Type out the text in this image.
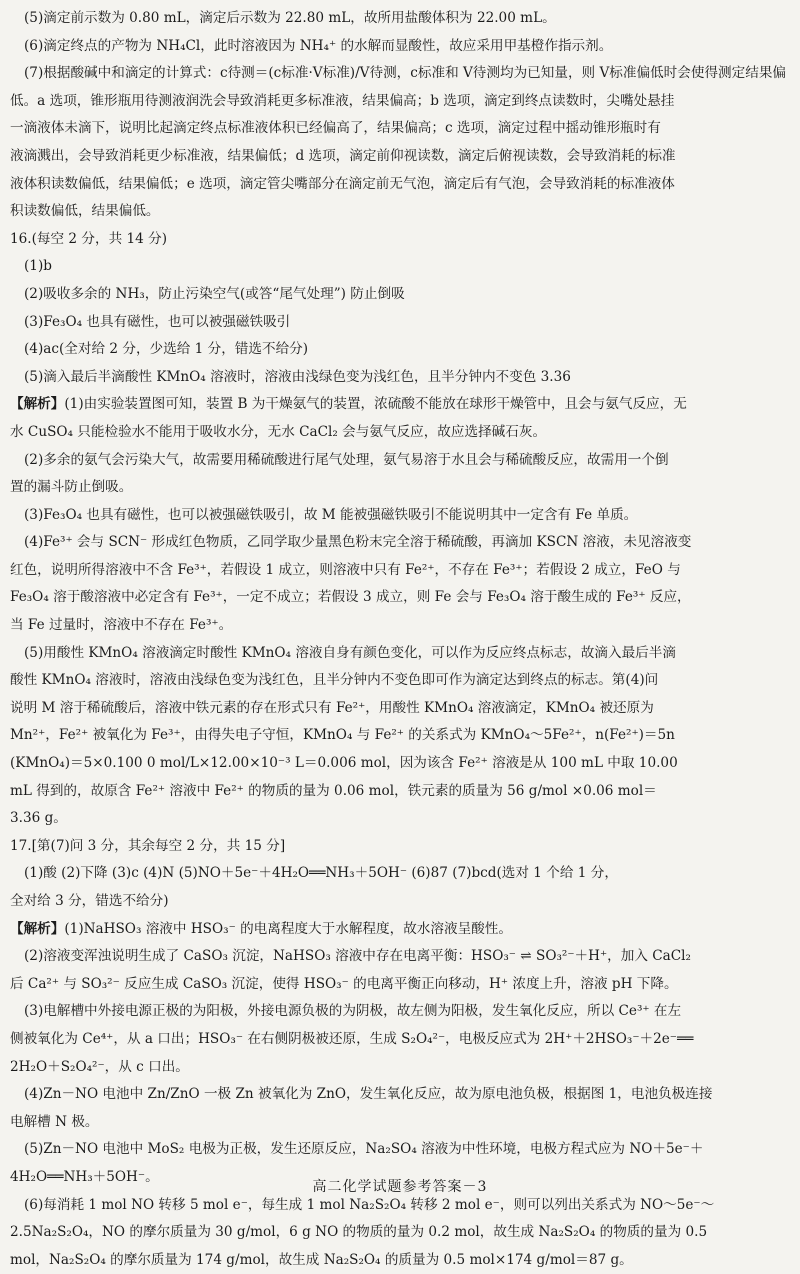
(5)滴定前示数为 0.80 mL，滴定后示数为 22.80 mL，故所用盐酸体积为 22.00 mL。
(6)滴定终点的产物为 NH₄Cl，此时溶液因为 NH₄⁺ 的水解而显酸性，故应采用甲基橙作指示剂。
(7)根据酸碱中和滴定的计算式：c待测＝(c标准·V标准)/V待测，c标准和 V待测均为已知量，则 V标准偏低时会使得测定结果偏
低。a 选项，锥形瓶用待测液润洗会导致消耗更多标准液，结果偏高；b 选项，滴定到终点读数时，尖嘴处悬挂
一滴液体未滴下，说明比起滴定终点标准液体积已经偏高了，结果偏高；c 选项，滴定过程中摇动锥形瓶时有
液滴溅出，会导致消耗更少标准液，结果偏低；d 选项，滴定前仰视读数，滴定后俯视读数，会导致消耗的标准
液体积读数偏低，结果偏低；e 选项，滴定管尖嘴部分在滴定前无气泡，滴定后有气泡，会导致消耗的标准液体
积读数偏低，结果偏低。
16.(每空 2 分，共 14 分)
(1)b
(2)吸收多余的 NH₃，防止污染空气(或答“尾气处理”) 防止倒吸
(3)Fe₃O₄ 也具有磁性，也可以被强磁铁吸引
(4)ac(全对给 2 分，少选给 1 分，错选不给分)
(5)滴入最后半滴酸性 KMnO₄ 溶液时，溶液由浅绿色变为浅红色，且半分钟内不变色 3.36
【解析】(1)由实验装置图可知，装置 B 为干燥氨气的装置，浓硫酸不能放在球形干燥管中，且会与氨气反应，无
水 CuSO₄ 只能检验水不能用于吸收水分，无水 CaCl₂ 会与氨气反应，故应选择碱石灰。
(2)多余的氨气会污染大气，故需要用稀硫酸进行尾气处理，氨气易溶于水且会与稀硫酸反应，故需用一个倒
置的漏斗防止倒吸。
(3)Fe₃O₄ 也具有磁性，也可以被强磁铁吸引，故 M 能被强磁铁吸引不能说明其中一定含有 Fe 单质。
(4)Fe³⁺ 会与 SCN⁻ 形成红色物质，乙同学取少量黑色粉末完全溶于稀硫酸，再滴加 KSCN 溶液，未见溶液变
红色，说明所得溶液中不含 Fe³⁺，若假设 1 成立，则溶液中只有 Fe²⁺，不存在 Fe³⁺；若假设 2 成立，FeO 与
Fe₃O₄ 溶于酸溶液中必定含有 Fe³⁺，一定不成立；若假设 3 成立，则 Fe 会与 Fe₃O₄ 溶于酸生成的 Fe³⁺ 反应，
当 Fe 过量时，溶液中不存在 Fe³⁺。
(5)用酸性 KMnO₄ 溶液滴定时酸性 KMnO₄ 溶液自身有颜色变化，可以作为反应终点标志，故滴入最后半滴
酸性 KMnO₄ 溶液时，溶液由浅绿色变为浅红色，且半分钟内不变色即可作为滴定达到终点的标志。第(4)问
说明 M 溶于稀硫酸后，溶液中铁元素的存在形式只有 Fe²⁺，用酸性 KMnO₄ 溶液滴定，KMnO₄ 被还原为
Mn²⁺，Fe²⁺ 被氧化为 Fe³⁺，由得失电子守恒，KMnO₄ 与 Fe²⁺ 的关系式为 KMnO₄～5Fe²⁺，n(Fe²⁺)＝5n
(KMnO₄)＝5×0.100 0 mol/L×12.00×10⁻³ L＝0.006 mol，因为该含 Fe²⁺ 溶液是从 100 mL 中取 10.00
mL 得到的，故原含 Fe²⁺ 溶液中 Fe²⁺ 的物质的量为 0.06 mol，铁元素的质量为 56 g/mol ×0.06 mol＝
3.36 g。
17.[第(7)问 3 分，其余每空 2 分，共 15 分]
(1)酸 (2)下降 (3)c (4)N (5)NO＋5e⁻＋4H₂O══NH₃＋5OH⁻ (6)87 (7)bcd(选对 1 个给 1 分，
全对给 3 分，错选不给分)
【解析】(1)NaHSO₃ 溶液中 HSO₃⁻ 的电离程度大于水解程度，故水溶液呈酸性。
(2)溶液变浑浊说明生成了 CaSO₃ 沉淀，NaHSO₃ 溶液中存在电离平衡：HSO₃⁻ ⇌ SO₃²⁻＋H⁺，加入 CaCl₂
后 Ca²⁺ 与 SO₃²⁻ 反应生成 CaSO₃ 沉淀，使得 HSO₃⁻ 的电离平衡正向移动，H⁺ 浓度上升，溶液 pH 下降。
(3)电解槽中外接电源正极的为阳极，外接电源负极的为阴极，故左侧为阳极，发生氧化反应，所以 Ce³⁺ 在左
侧被氧化为 Ce⁴⁺，从 a 口出；HSO₃⁻ 在右侧阴极被还原，生成 S₂O₄²⁻，电极反应式为 2H⁺＋2HSO₃⁻＋2e⁻══
2H₂O＋S₂O₄²⁻，从 c 口出。
(4)Zn－NO 电池中 Zn/ZnO 一极 Zn 被氧化为 ZnO，发生氧化反应，故为原电池负极，根据图 1，电池负极连接
电解槽 N 极。
(5)Zn－NO 电池中 MoS₂ 电极为正极，发生还原反应，Na₂SO₄ 溶液为中性环境，电极方程式应为 NO＋5e⁻＋
4H₂O══NH₃＋5OH⁻。
(6)每消耗 1 mol NO 转移 5 mol e⁻，每生成 1 mol Na₂S₂O₄ 转移 2 mol e⁻，则可以列出关系式为 NO～5e⁻～
2.5Na₂S₂O₄，NO 的摩尔质量为 30 g/mol，6 g NO 的物质的量为 0.2 mol，故生成 Na₂S₂O₄ 的物质的量为 0.5
mol，Na₂S₂O₄ 的摩尔质量为 174 g/mol，故生成 Na₂S₂O₄ 的质量为 0.5 mol×174 g/mol＝87 g。
高二化学试题参考答案－3
